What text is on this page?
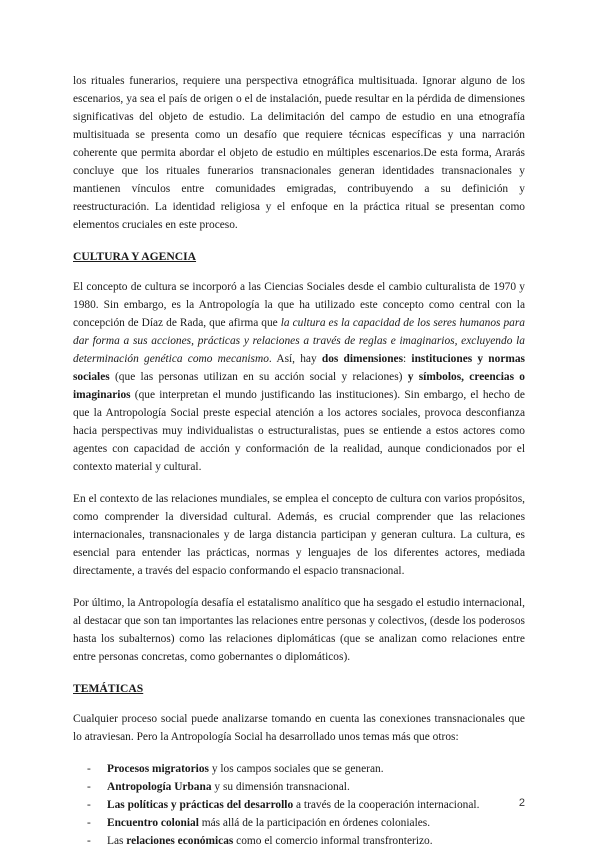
los rituales funerarios, requiere una perspectiva etnográfica multisituada. Ignorar alguno de los escenarios, ya sea el país de origen o el de instalación, puede resultar en la pérdida de dimensiones significativas del objeto de estudio. La delimitación del campo de estudio en una etnografía multisituada se presenta como un desafío que requiere técnicas específicas y una narración coherente que permita abordar el objeto de estudio en múltiples escenarios.De esta forma, Ararás concluye que los rituales funerarios transnacionales generan identidades transnacionales y mantienen vínculos entre comunidades emigradas, contribuyendo a su definición y reestructuración. La identidad religiosa y el enfoque en la práctica ritual se presentan como elementos cruciales en este proceso.

CULTURA Y AGENCIA

El concepto de cultura se incorporó a las Ciencias Sociales desde el cambio culturalista de 1970 y 1980. Sin embargo, es la Antropología la que ha utilizado este concepto como central con la concepción de Díaz de Rada, que afirma que la cultura es la capacidad de los seres humanos para dar forma a sus acciones, prácticas y relaciones a través de reglas e imaginarios, excluyendo la determinación genética como mecanismo. Así, hay dos dimensiones: instituciones y normas sociales (que las personas utilizan en su acción social y relaciones) y símbolos, creencias o imaginarios (que interpretan el mundo justificando las instituciones). Sin embargo, el hecho de que la Antropología Social preste especial atención a los actores sociales, provoca desconfianza hacia perspectivas muy individualistas o estructuralistas, pues se entiende a estos actores como agentes con capacidad de acción y conformación de la realidad, aunque condicionados por el contexto material y cultural.

En el contexto de las relaciones mundiales, se emplea el concepto de cultura con varios propósitos, como comprender la diversidad cultural. Además, es crucial comprender que las relaciones internacionales, transnacionales y de larga distancia participan y generan cultura. La cultura, es esencial para entender las prácticas, normas y lenguajes de los diferentes actores, mediada directamente, a través del espacio conformando el espacio transnacional.

Por último, la Antropología desafía el estatalismo analítico que ha sesgado el estudio internacional, al destacar que son tan importantes las relaciones entre personas y colectivos, (desde los poderosos hasta los subalternos) como las relaciones diplomáticas (que se analizan como relaciones entre entre personas concretas, como gobernantes o diplomáticos).

TEMÁTICAS

Cualquier proceso social puede analizarse tomando en cuenta las conexiones transnacionales que lo atraviesan. Pero la Antropología Social ha desarrollado unos temas más que otros:

- Procesos migratorios y los campos sociales que se generan.
- Antropología Urbana y su dimensión transnacional.
- Las políticas y prácticas del desarrollo a través de la cooperación internacional.
- Encuentro colonial más allá de la participación en órdenes coloniales.
- Las relaciones económicas como el comercio informal transfronterizo.
2
